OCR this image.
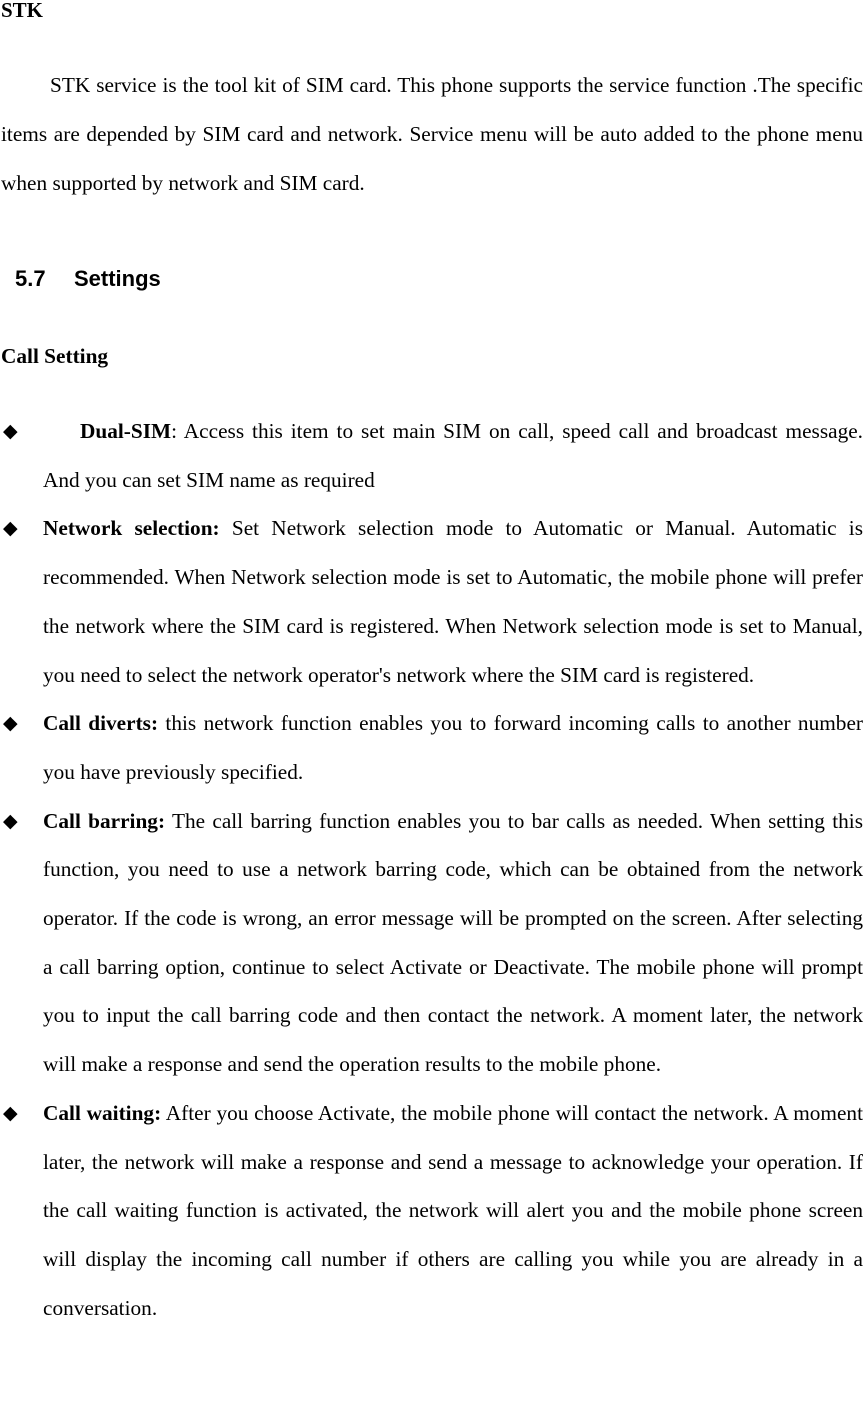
STK

STK service is the tool kit of SIM card. This phone supports the service function .The specific items are depended by SIM card and network. Service menu will be auto added to the phone menu when supported by network and SIM card.

5.7 Settings
Call Setting
◆	Dual-SIM: Access this item to set main SIM on call, speed call and broadcast message. And you can set SIM name as required
◆ Network selection: Set Network selection mode to Automatic or Manual. Automatic is recommended. When Network selection mode is set to Automatic, the mobile phone will prefer the network where the SIM card is registered. When Network selection mode is set to Manual, you need to select the network operator's network where the SIM card is registered.
◆ Call diverts: this network function enables you to forward incoming calls to another number you have previously specified.
◆ Call barring: The call barring function enables you to bar calls as needed. When setting this function, you need to use a network barring code, which can be obtained from the network operator. If the code is wrong, an error message will be prompted on the screen. After selecting a call barring option, continue to select Activate or Deactivate. The mobile phone will prompt you to input the call barring code and then contact the network. A moment later, the network will make a response and send the operation results to the mobile phone.
◆ Call waiting: After you choose Activate, the mobile phone will contact the network. A moment later, the network will make a response and send a message to acknowledge your operation. If the call waiting function is activated, the network will alert you and the mobile phone screen will display the incoming call number if others are calling you while you are already in a conversation.
